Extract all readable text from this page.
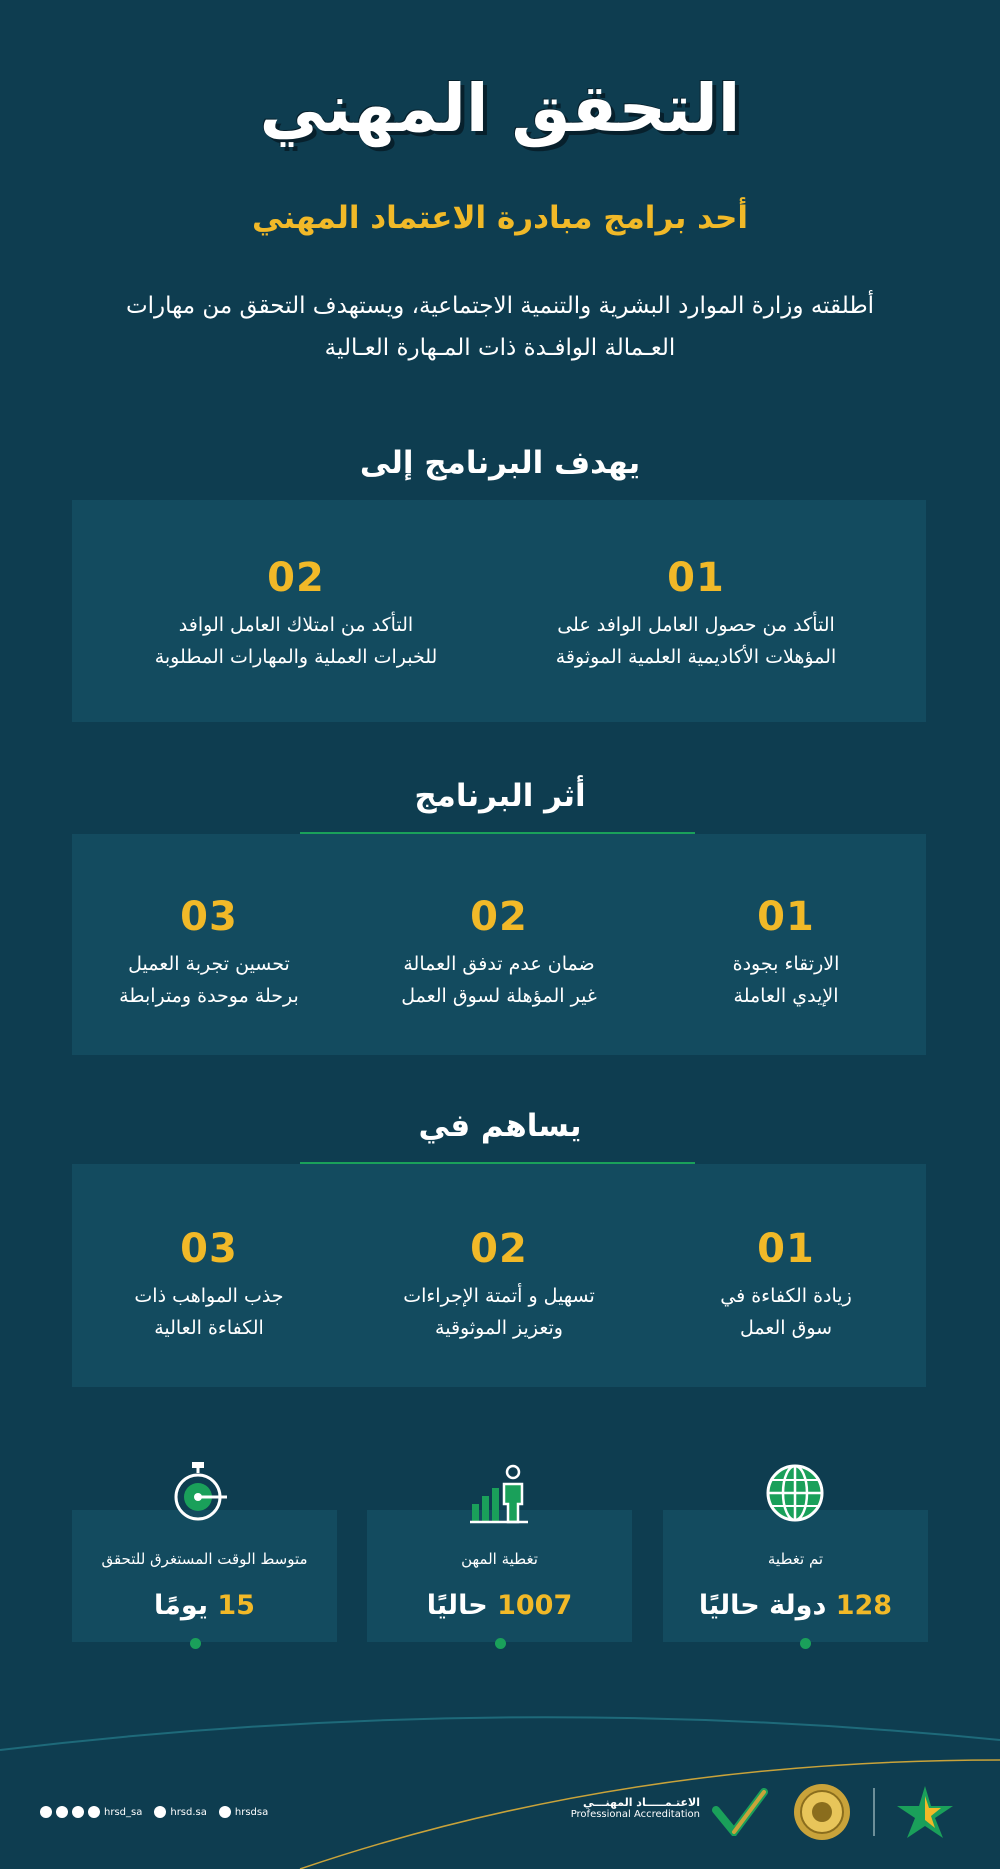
التحقق المهني
أحد برامج مبادرة الاعتماد المهني
أطلقته وزارة الموارد البشرية والتنمية الاجتماعية، ويستهدف التحقق من مهارات
العـمالة الوافـدة ذات المـهارة العـالية
يهدف البرنامج إلى
01
التأكد من حصول العامل الوافد على
المؤهلات الأكاديمية العلمية الموثوقة
02
التأكد من امتلاك العامل الوافد
للخبرات العملية والمهارات المطلوبة
أثر البرنامج
01
الارتقاء بجودة
الإيدي العاملة
02
ضمان عدم تدفق العمالة
غير المؤهلة لسوق العمل
03
تحسين تجربة العميل
برحلة موحدة ومترابطة
يساهم في
01
زيادة الكفاءة في
سوق العمل
02
تسهيل و أتمتة الإجراءات
وتعزيز الموثوقية
03
جذب المواهب ذات
الكفاءة العالية
تم تغطية
128 دولة حاليًا
تغطية المهن
1007 حاليًا
متوسط الوقت المستغرق للتحقق
15 يومًا
hrsd_sa	hrsd.sa	hrsdsa
الاعتـمـــــاد المهنـــي
Professional Accreditation
